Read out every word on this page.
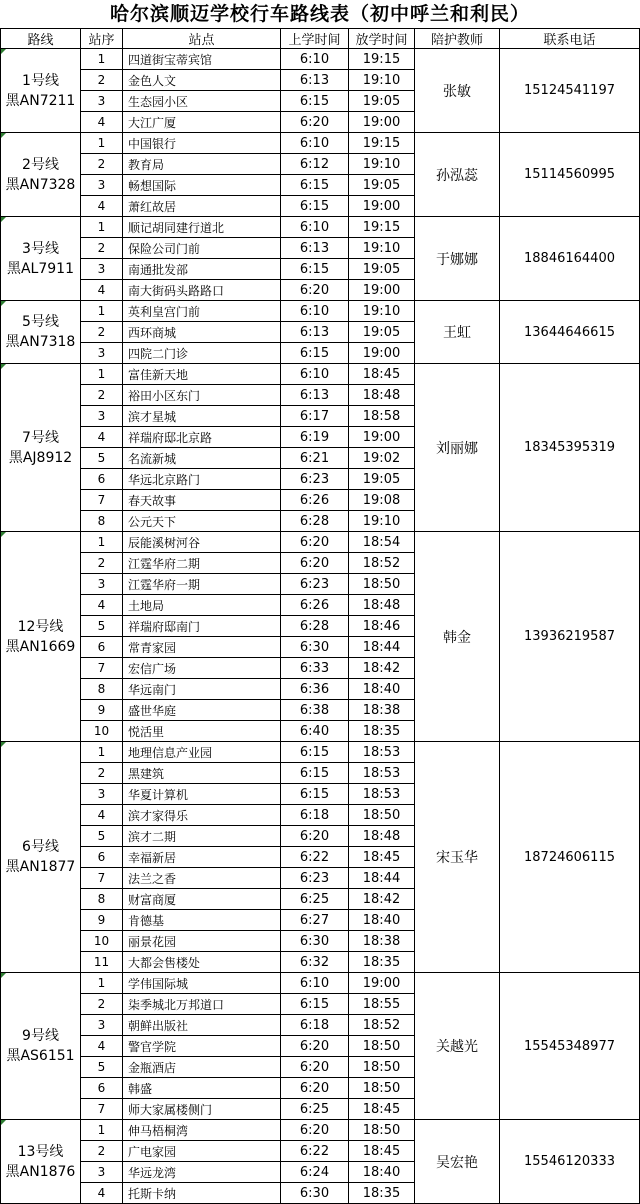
哈尔滨顺迈学校行车路线表（初中呼兰和利民）
路线	站序	站点	上学时间	放学时间	陪护教师	联系电话

1号线
黑AN7211	1	四道街宝蒂宾馆	6:10	19:15	张敏	15124541197
	2	金色人文	6:13	19:10		
	3	生态园小区	6:15	19:05		
	4	大江广厦	6:20	19:00		

2号线
黑AN7328	1	中国银行	6:10	19:15	孙泓蕊	15114560995
	2	教育局	6:12	19:10		
	3	畅想国际	6:15	19:05		
	4	萧红故居	6:15	19:00		

3号线
黑AL7911	1	顺记胡同建行道北	6:10	19:15	于娜娜	18846164400
	2	保险公司门前	6:13	19:10		
	3	南通批发部	6:15	19:05		
	4	南大街码头路路口	6:20	19:00		

5号线
黑AN7318	1	英利皇宫门前	6:10	19:10	王虹	13644646615
	2	西环商城	6:13	19:05		
	3	四院二门诊	6:15	19:00		

7号线
黑AJ8912	1	富佳新天地	6:10	18:45	刘丽娜	18345395319
	2	裕田小区东门	6:13	18:48		
	3	滨才星城	6:17	18:58		
	4	祥瑞府邸北京路	6:19	19:00		
	5	名流新城	6:21	19:02		
	6	华远北京路门	6:23	19:05		
	7	春天故事	6:26	19:08		
	8	公元天下	6:28	19:10		

12号线
黑AN1669	1	辰能溪树河谷	6:20	18:54	韩金	13936219587
	2	江霆华府二期	6:20	18:52		
	3	江霆华府一期	6:23	18:50		
	4	土地局	6:26	18:48		
	5	祥瑞府邸南门	6:28	18:46		
	6	常青家园	6:30	18:44		
	7	宏信广场	6:33	18:42		
	8	华远南门	6:36	18:40		
	9	盛世华庭	6:38	18:38		
	10	悦活里	6:40	18:35		

6号线
黑AN1877	1	地理信息产业园	6:15	18:53	宋玉华	18724606115
	2	黑建筑	6:15	18:53		
	3	华夏计算机	6:15	18:53		
	4	滨才家得乐	6:18	18:50		
	5	滨才二期	6:20	18:48		
	6	幸福新居	6:22	18:45		
	7	法兰之香	6:23	18:44		
	8	财富商厦	6:25	18:42		
	9	肯德基	6:27	18:40		
	10	丽景花园	6:30	18:38		
	11	大都会售楼处	6:32	18:35		

9号线
黑AS6151	1	学伟国际城	6:10	19:00	关越光	15545348977
	2	柒季城北万邦道口	6:15	18:55		
	3	朝鲜出版社	6:18	18:52		
	4	警官学院	6:20	18:50		
	5	金瓶酒店	6:20	18:50		
	6	韩盛	6:20	18:50		
	7	师大家属楼侧门	6:25	18:45		

13号线
黑AN1876	1	伸马梧桐湾	6:20	18:50	吴宏艳	15546120333
	2	广电家园	6:22	18:45		
	3	华远龙湾	6:24	18:40		
	4	托斯卡纳	6:30	18:35		
